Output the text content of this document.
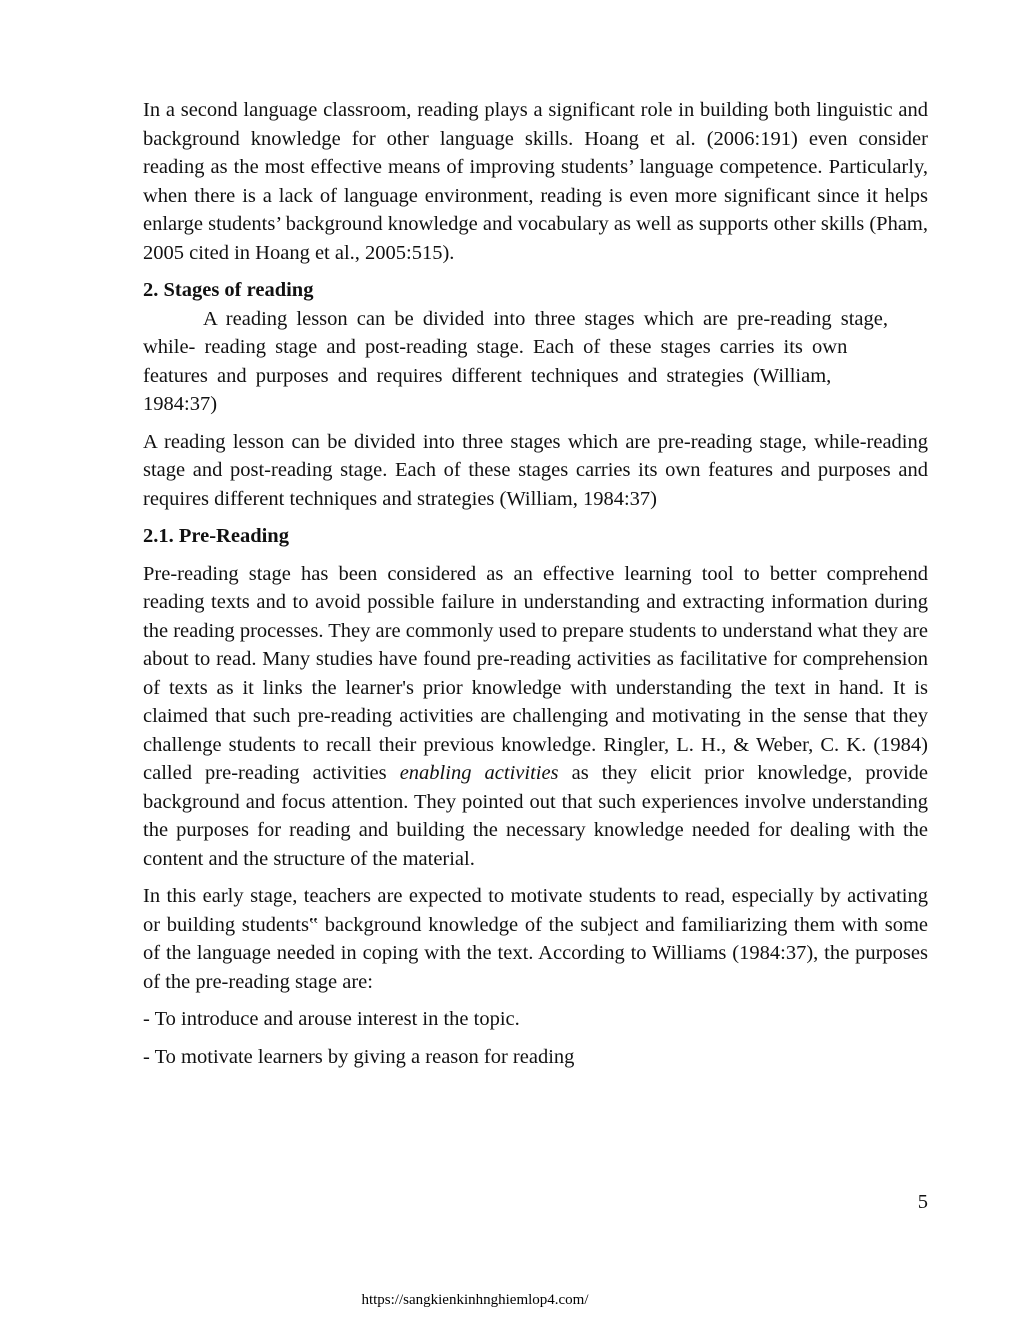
In a second language classroom, reading plays a significant role in building both linguistic and background knowledge for other language skills. Hoang et al. (2006:191) even consider reading as the most effective means of improving students’ language competence. Particularly, when there is a lack of language environment, reading is even more significant since it helps enlarge students’ background knowledge and vocabulary as well as supports other skills (Pham, 2005 cited in Hoang et al., 2005:515).

2. Stages of reading

A reading lesson can be divided into three stages which are pre-reading stage, while- reading stage and post-reading stage. Each of these stages carries its own features and purposes and requires different techniques and strategies (William, 1984:37)

A reading lesson can be divided into three stages which are pre-reading stage, while-reading stage and post-reading stage. Each of these stages carries its own features and purposes and requires different techniques and strategies (William, 1984:37)

2.1. Pre-Reading

Pre-reading stage has been considered as an effective learning tool to better comprehend reading texts and to avoid possible failure in understanding and extracting information during the reading processes. They are commonly used to prepare students to understand what they are about to read. Many studies have found pre-reading activities as facilitative for comprehension of texts as it links the learner's prior knowledge with understanding the text in hand. It is claimed that such pre-reading activities are challenging and motivating in the sense that they challenge students to recall their previous knowledge. Ringler, L. H., & Weber, C. K. (1984) called pre-reading activities enabling activities as they elicit prior knowledge, provide background and focus attention. They pointed out that such experiences involve understanding the purposes for reading and building the necessary knowledge needed for dealing with the content and the structure of the material.

In this early stage, teachers are expected to motivate students to read, especially by activating or building students‟ background knowledge of the subject and familiarizing them with some of the language needed in coping with the text. According to Williams (1984:37), the purposes of the pre-reading stage are:

- To introduce and arouse interest in the topic.

- To motivate learners by giving a reason for reading

5
https://sangkienkinhnghiemlop4.com/
